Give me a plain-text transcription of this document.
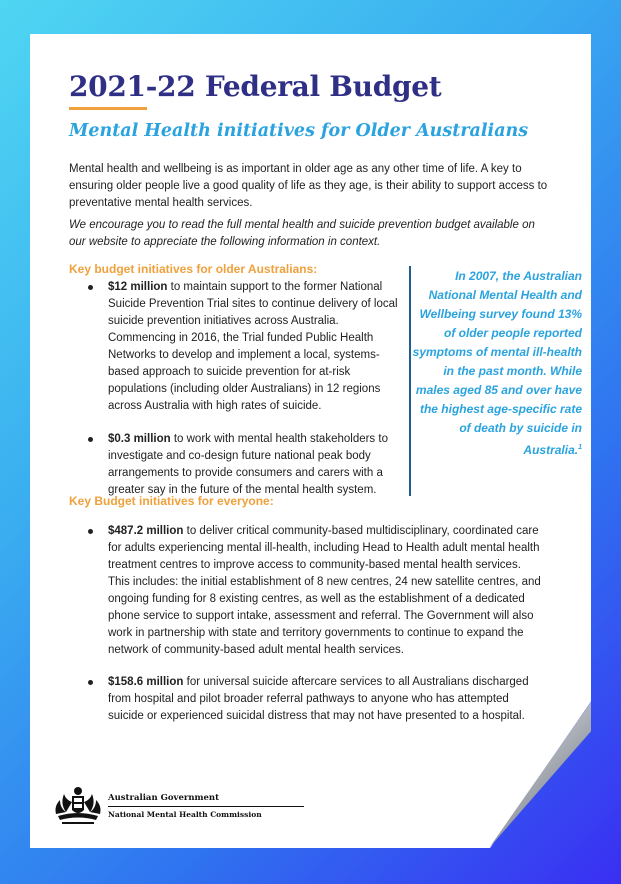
2021-22 Federal Budget
Mental Health initiatives for Older Australians

Mental health and wellbeing is as important in older age as any other time of life. A key to ensuring older people live a good quality of life as they age, is their ability to support access to preventative mental health services.

We encourage you to read the full mental health and suicide prevention budget available on our website to appreciate the following information in context.

Key budget initiatives for older Australians:
$12 million to maintain support to the former National Suicide Prevention Trial sites to continue delivery of local suicide prevention initiatives across Australia. Commencing in 2016, the Trial funded Public Health Networks to develop and implement a local, systems-based approach to suicide prevention for at-risk populations (including older Australians) in 12 regions across Australia with high rates of suicide.
$0.3 million to work with mental health stakeholders to investigate and co-design future national peak body arrangements to provide consumers and carers with a greater say in the future of the mental health system.

In 2007, the Australian National Mental Health and Wellbeing survey found 13% of older people reported symptoms of mental ill-health in the past month. While males aged 85 and over have the highest age-specific rate of death by suicide in Australia.$^1$

Key Budget initiatives for everyone:
$487.2 million to deliver critical community-based multidisciplinary, coordinated care for adults experiencing mental ill-health, including Head to Health adult mental health treatment centres to improve access to community-based mental health services. This includes: the initial establishment of 8 new centres, 24 new satellite centres, and ongoing funding for 8 existing centres, as well as the establishment of a dedicated phone service to support intake, assessment and referral. The Government will also work in partnership with state and territory governments to continue to expand the network of community-based adult mental health services.
$158.6 million for universal suicide aftercare services to all Australians discharged from hospital and pilot broader referral pathways to anyone who has attempted suicide or experienced suicidal distress that may not have presented to a hospital.

Australian Government

National Mental Health Commission
